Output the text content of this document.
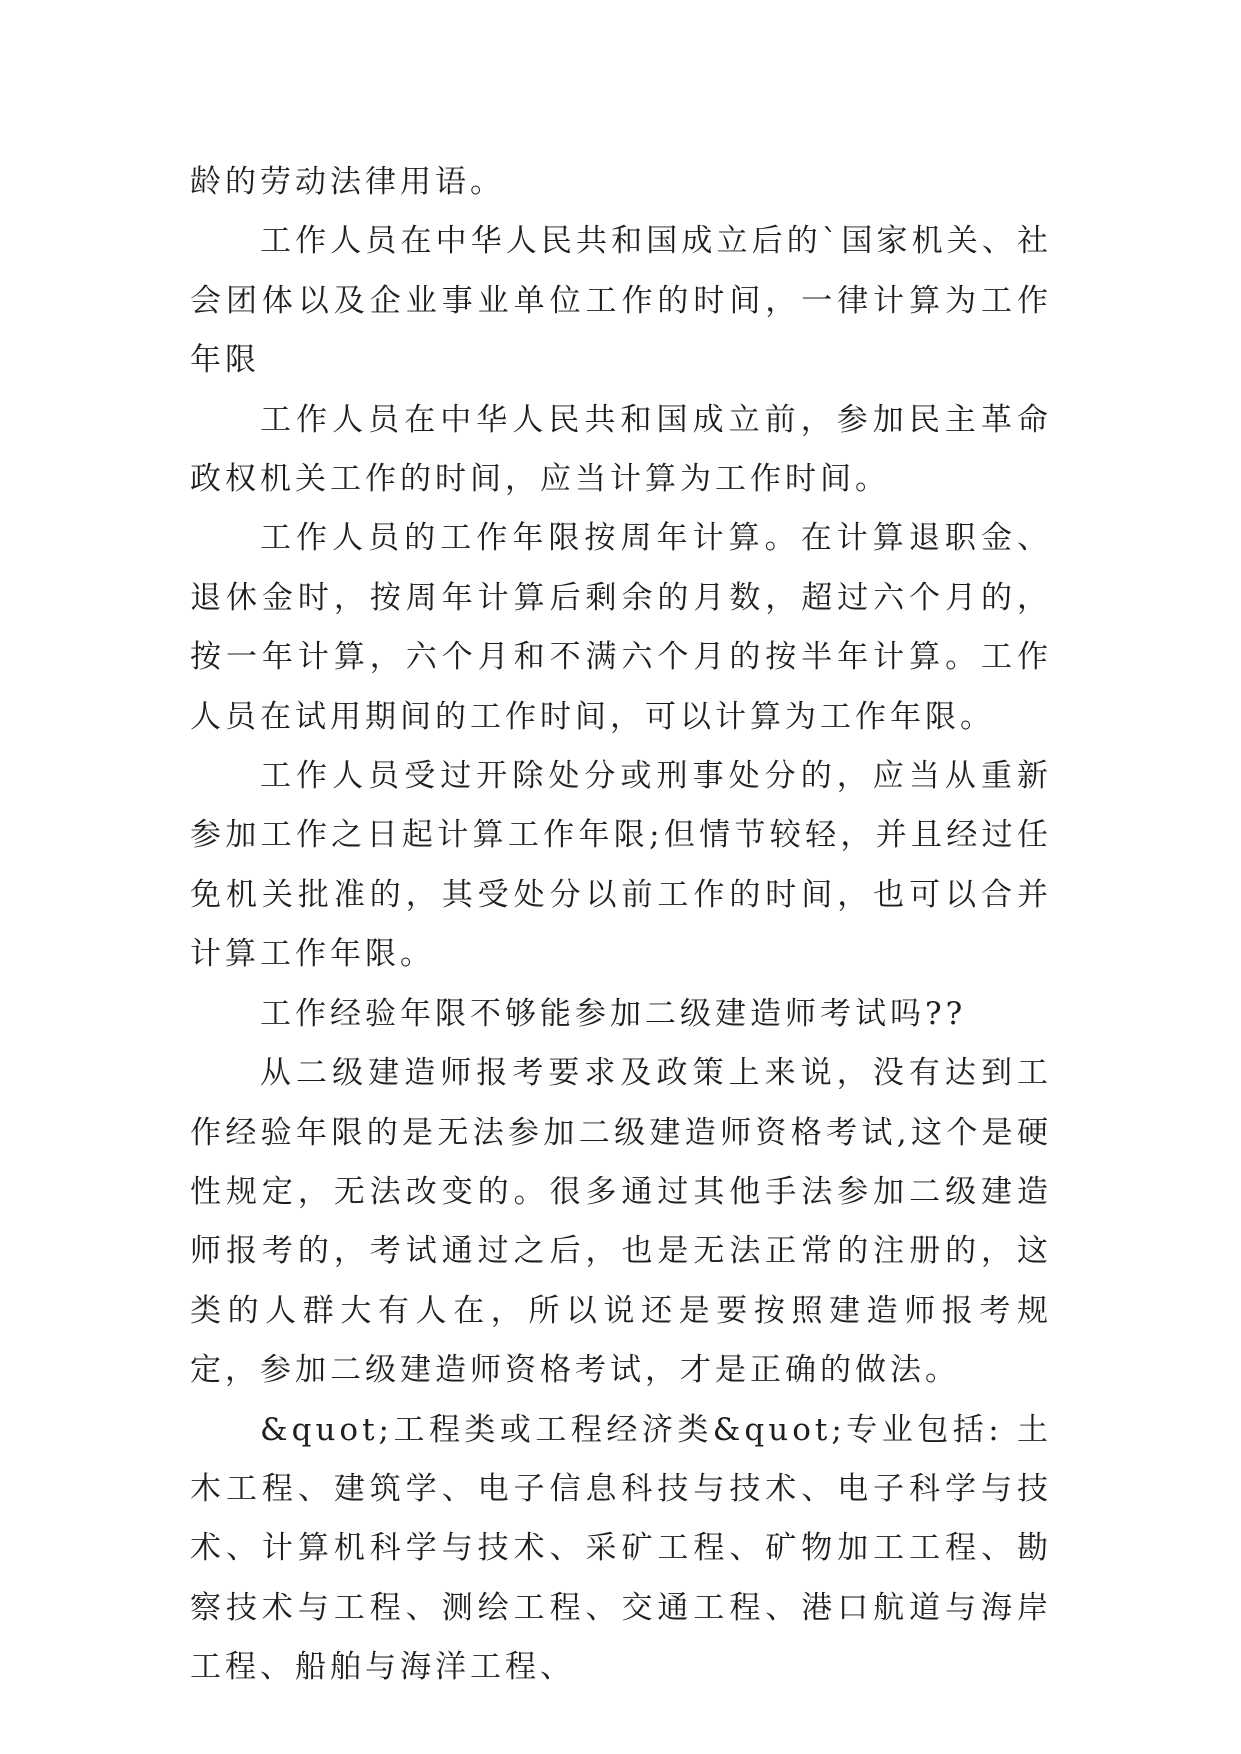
龄的劳动法律用语。

工作人员在中华人民共和国成立后的`国家机关、社会团体以及企业事业单位工作的时间，一律计算为工作年限

工作人员在中华人民共和国成立前，参加民主革命政权机关工作的时间，应当计算为工作时间。

工作人员的工作年限按周年计算。在计算退职金、退休金时，按周年计算后剩余的月数，超过六个月的，按一年计算，六个月和不满六个月的按半年计算。工作人员在试用期间的工作时间，可以计算为工作年限。

工作人员受过开除处分或刑事处分的，应当从重新参加工作之日起计算工作年限;但情节较轻，并且经过任免机关批准的，其受处分以前工作的时间，也可以合并计算工作年限。

工作经验年限不够能参加二级建造师考试吗??

从二级建造师报考要求及政策上来说，没有达到工作经验年限的是无法参加二级建造师资格考试,这个是硬性规定，无法改变的。很多通过其他手法参加二级建造师报考的，考试通过之后，也是无法正常的注册的，这类的人群大有人在，所以说还是要按照建造师报考规定，参加二级建造师资格考试，才是正确的做法。

&quot;工程类或工程经济类&quot;专业包括: 土木工程、建筑学、电子信息科技与技术、电子科学与技术、计算机科学与技术、采矿工程、矿物加工工程、勘察技术与工程、测绘工程、交通工程、港口航道与海岸工程、船舶与海洋工程、
